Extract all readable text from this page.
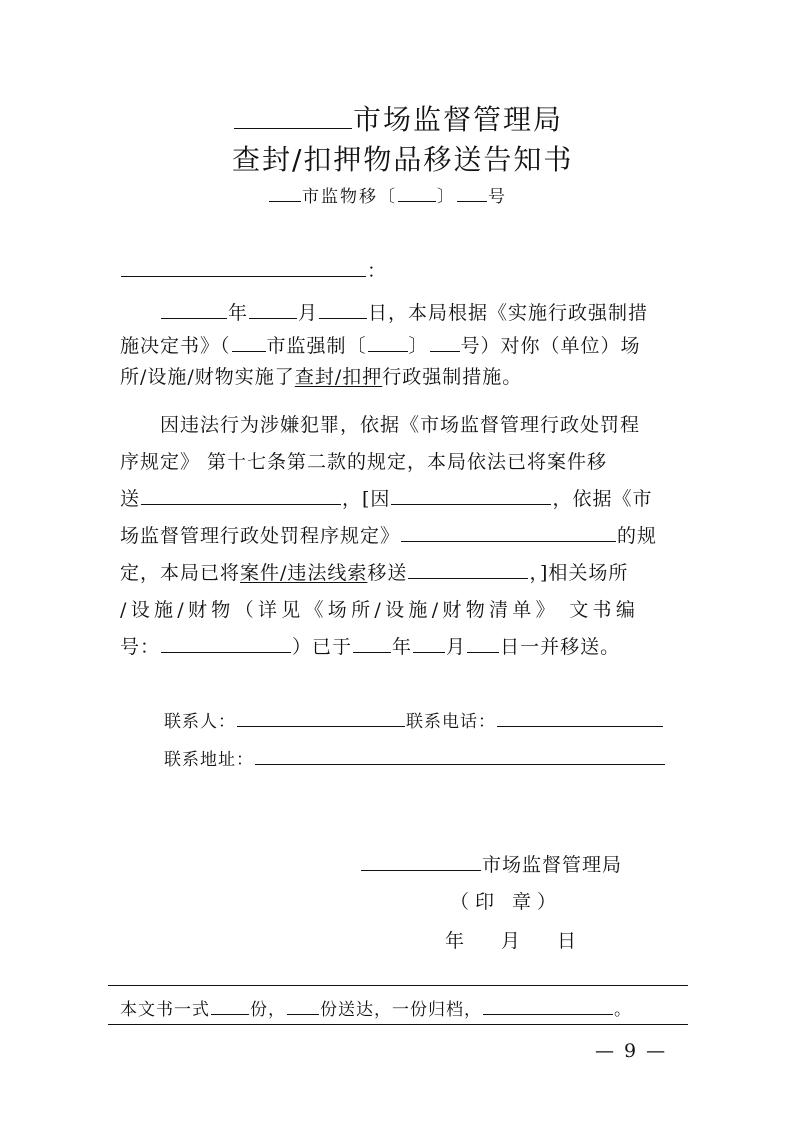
市场监督管理局
查封/扣押物品移送告知书
市监物移〔 〕 号
：
年	月	日，本局根据《实施行政强制措
施决定书》（ 市监强制〔 〕 号）对你（单位）场
所/设施/财物实施了查封/扣押行政强制措施。
因违法行为涉嫌犯罪，依据《市场监督管理行政处罚程
序规定》 第十七条第二款的规定，本局依法已将案件移
送	，[因	，依据《市
场监督管理行政处罚程序规定》	的规
定，本局已将案件/违法线索移送	，]相关场所
/设施/财物（详见《场所/设施/财物清单》 文书编
号：	）已于 年 月 日一并移送。
联系人：	联系电话：
联系地址：
市场监督管理局
（印 章）
年 月 日
本文书一式 份， 份送达，一份归档，	。
— 9 —
